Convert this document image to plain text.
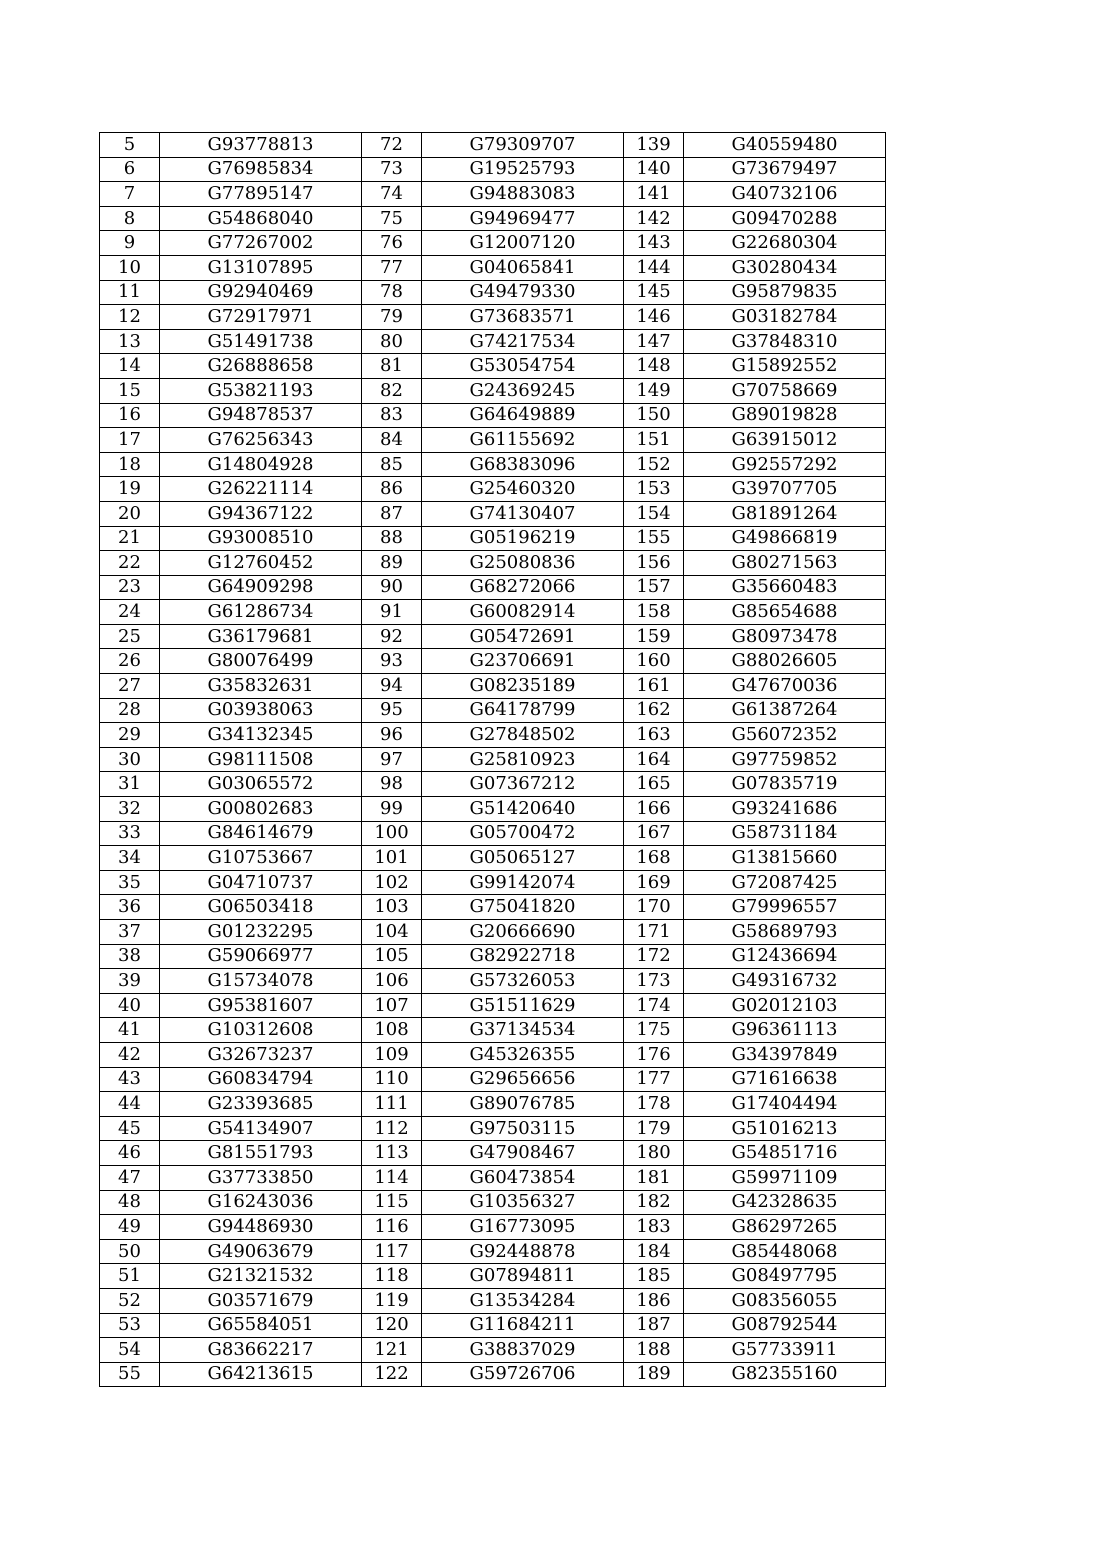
5	G93778813	72	G79309707	139	G40559480
6	G76985834	73	G19525793	140	G73679497
7	G77895147	74	G94883083	141	G40732106
8	G54868040	75	G94969477	142	G09470288
9	G77267002	76	G12007120	143	G22680304
10	G13107895	77	G04065841	144	G30280434
11	G92940469	78	G49479330	145	G95879835
12	G72917971	79	G73683571	146	G03182784
13	G51491738	80	G74217534	147	G37848310
14	G26888658	81	G53054754	148	G15892552
15	G53821193	82	G24369245	149	G70758669
16	G94878537	83	G64649889	150	G89019828
17	G76256343	84	G61155692	151	G63915012
18	G14804928	85	G68383096	152	G92557292
19	G26221114	86	G25460320	153	G39707705
20	G94367122	87	G74130407	154	G81891264
21	G93008510	88	G05196219	155	G49866819
22	G12760452	89	G25080836	156	G80271563
23	G64909298	90	G68272066	157	G35660483
24	G61286734	91	G60082914	158	G85654688
25	G36179681	92	G05472691	159	G80973478
26	G80076499	93	G23706691	160	G88026605
27	G35832631	94	G08235189	161	G47670036
28	G03938063	95	G64178799	162	G61387264
29	G34132345	96	G27848502	163	G56072352
30	G98111508	97	G25810923	164	G97759852
31	G03065572	98	G07367212	165	G07835719
32	G00802683	99	G51420640	166	G93241686
33	G84614679	100	G05700472	167	G58731184
34	G10753667	101	G05065127	168	G13815660
35	G04710737	102	G99142074	169	G72087425
36	G06503418	103	G75041820	170	G79996557
37	G01232295	104	G20666690	171	G58689793
38	G59066977	105	G82922718	172	G12436694
39	G15734078	106	G57326053	173	G49316732
40	G95381607	107	G51511629	174	G02012103
41	G10312608	108	G37134534	175	G96361113
42	G32673237	109	G45326355	176	G34397849
43	G60834794	110	G29656656	177	G71616638
44	G23393685	111	G89076785	178	G17404494
45	G54134907	112	G97503115	179	G51016213
46	G81551793	113	G47908467	180	G54851716
47	G37733850	114	G60473854	181	G59971109
48	G16243036	115	G10356327	182	G42328635
49	G94486930	116	G16773095	183	G86297265
50	G49063679	117	G92448878	184	G85448068
51	G21321532	118	G07894811	185	G08497795
52	G03571679	119	G13534284	186	G08356055
53	G65584051	120	G11684211	187	G08792544
54	G83662217	121	G38837029	188	G57733911
55	G64213615	122	G59726706	189	G82355160
